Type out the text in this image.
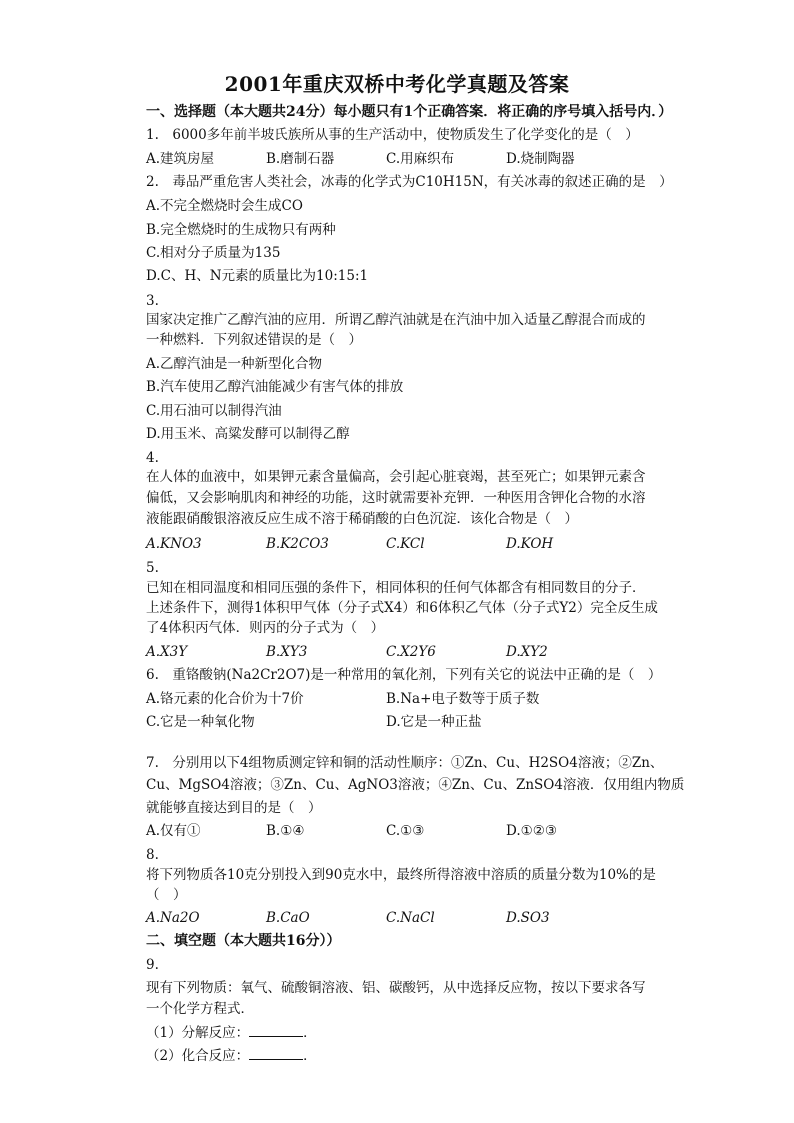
2001年重庆双桥中考化学真题及答案
一、选择题（本大题共24分）每小题只有1个正确答案．将正确的序号填入括号内．）
1.　6000多年前半坡氏族所从事的生产活动中，使物质发生了化学变化的是（　）
A.建筑房屋	B.磨制石器	C.用麻织布	D.烧制陶器
2.　毒品严重危害人类社会，冰毒的化学式为C10H15N，有关冰毒的叙述正确的是　）
A.不完全燃烧时会生成CO
B.完全燃烧时的生成物只有两种
C.相对分子质量为135
D.C、H、N元素的质量比为10:15:1
3.
国家决定推广乙醇汽油的应用．所谓乙醇汽油就是在汽油中加入适量乙醇混合而成的
一种燃料．下列叙述错误的是（　）
A.乙醇汽油是一种新型化合物
B.汽车使用乙醇汽油能减少有害气体的排放
C.用石油可以制得汽油
D.用玉米、高粱发酵可以制得乙醇
4.
在人体的血液中，如果钾元素含量偏高，会引起心脏衰竭，甚至死亡；如果钾元素含
偏低，又会影响肌肉和神经的功能，这时就需要补充钾．一种医用含钾化合物的水溶
液能跟硝酸银溶液反应生成不溶于稀硝酸的白色沉淀．该化合物是（　）
A.KNO3	B.K2CO3	C.KCl	D.KOH
5.
已知在相同温度和相同压强的条件下，相同体积的任何气体都含有相同数目的分子．
上述条件下，测得1体积甲气体（分子式X4）和6体积乙气体（分子式Y2）完全反生成
了4体积丙气体．则丙的分子式为（　）
A.X3Y	B.XY3	C.X2Y6	D.XY2
6.　重铬酸钠(Na2Cr2O7)是一种常用的氧化剂，下列有关它的说法中正确的是（　）
A.铬元素的化合价为十7价	B.Na+电子数等于质子数
C.它是一种氧化物	D.它是一种正盐
7.　分别用以下4组物质测定锌和铜的活动性顺序：①Zn、Cu、H2SO4溶液；②Zn、
Cu、MgSO4溶液；③Zn、Cu、AgNO3溶液；④Zn、Cu、ZnSO4溶液．仅用组内物质
就能够直接达到目的是（　）
A.仅有①	B.①④	C.①③	D.①②③
8.
将下列物质各10克分别投入到90克水中，最终所得溶液中溶质的质量分数为10%的是
（　）
A.Na2O	B.CaO	C.NaCl	D.SO3
二、填空题（本大题共16分））
9.
现有下列物质：氧气、硫酸铜溶液、铝、碳酸钙，从中选择反应物，按以下要求各写
一个化学方程式．
（1）分解反应：	．
（2）化合反应：	．
